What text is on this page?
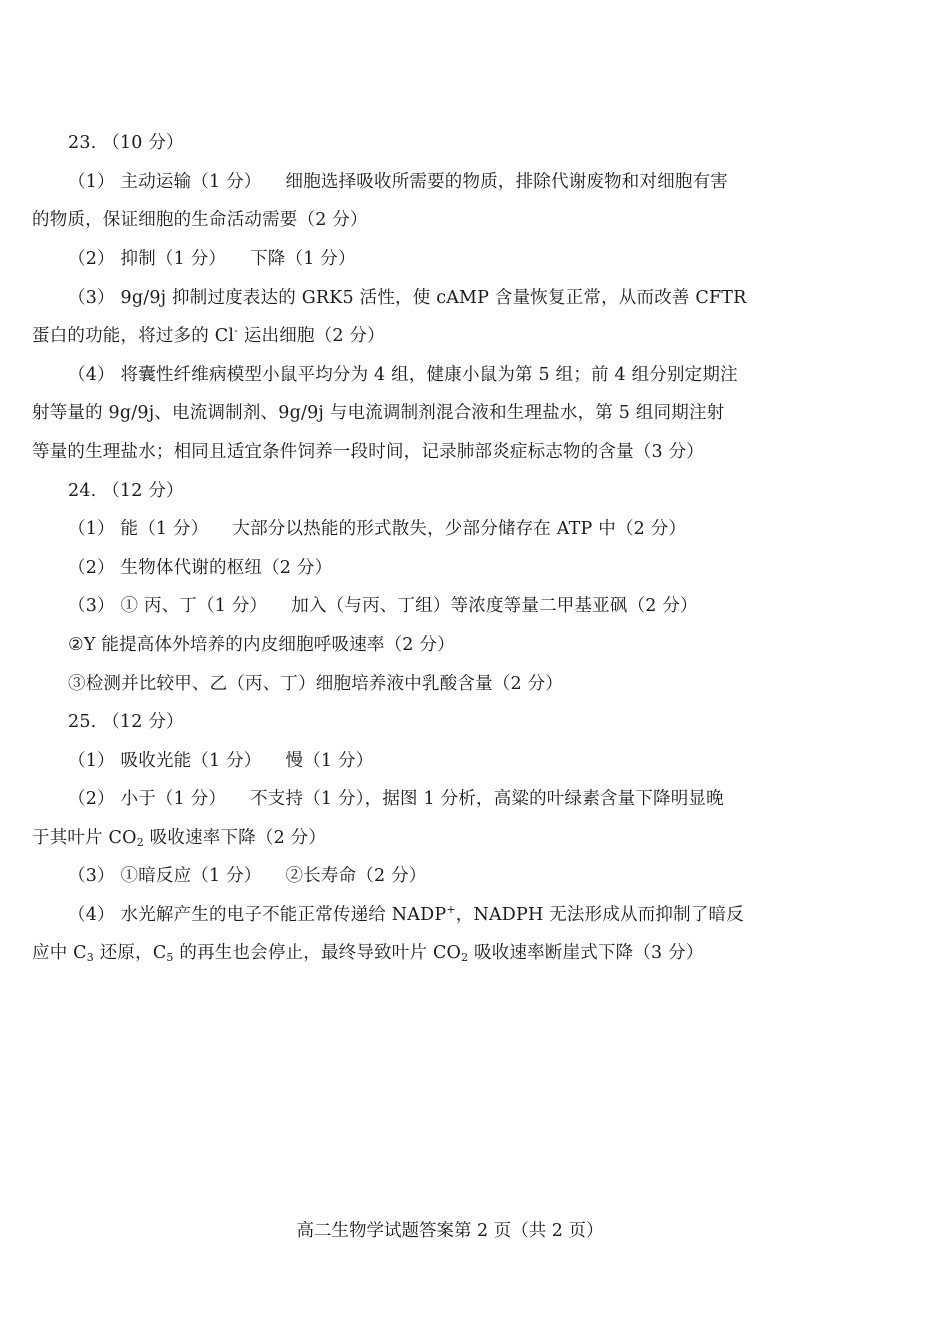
23. （10 分）
（1） 主动运输（1 分） 细胞选择吸收所需要的物质，排除代谢废物和对细胞有害
的物质，保证细胞的生命活动需要（2 分）
（2） 抑制（1 分） 下降（1 分）
（3） 9g/9j 抑制过度表达的 GRK5 活性，使 cAMP 含量恢复正常，从而改善 CFTR
蛋白的功能，将过多的 Cl- 运出细胞（2 分）
（4） 将囊性纤维病模型小鼠平均分为 4 组，健康小鼠为第 5 组；前 4 组分别定期注
射等量的 9g/9j、电流调制剂、9g/9j 与电流调制剂混合液和生理盐水，第 5 组同期注射
等量的生理盐水；相同且适宜条件饲养一段时间，记录肺部炎症标志物的含量（3 分）
24. （12 分）
（1） 能（1 分） 大部分以热能的形式散失，少部分储存在 ATP 中（2 分）
（2） 生物体代谢的枢纽（2 分）
（3） ① 丙、丁（1 分） 加入（与丙、丁组）等浓度等量二甲基亚砜（2 分）
②Y 能提高体外培养的内皮细胞呼吸速率（2 分）
③检测并比较甲、乙（丙、丁）细胞培养液中乳酸含量（2 分）
25. （12 分）
（1） 吸收光能（1 分） 慢（1 分）
（2） 小于（1 分） 不支持（1 分），据图 1 分析，高粱的叶绿素含量下降明显晚
于其叶片 $CO_2$ 吸收速率下降（2 分）
（3） ①暗反应（1 分） ②长寿命（2 分）
（4） 水光解产生的电子不能正常传递给 NADP+，NADPH 无法形成从而抑制了暗反
应中 $C_3$ 还原，$C_5$ 的再生也会停止，最终导致叶片 $CO_2$ 吸收速率断崖式下降（3 分）
高二生物学试题答案第 2 页（共 2 页）
